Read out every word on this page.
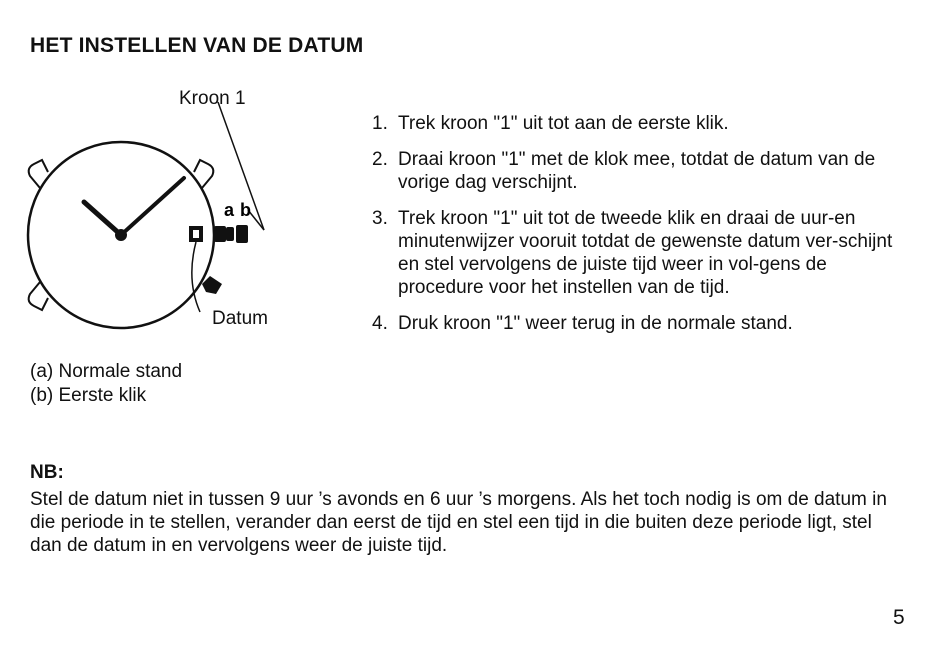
HET INSTELLEN VAN DE DATUM
a b
Kroon 1
Datum
(a) Normale stand
(b) Eerste klik
1. Trek kroon "1" uit tot aan de eerste klik.
2. Draai kroon "1" met de klok mee, totdat de datum van de vorige dag verschijnt.
3. Trek kroon "1" uit tot de tweede klik en draai de uur-en minutenwijzer vooruit totdat de gewenste datum ver-schijnt en stel vervolgens de juiste tijd weer in vol-gens de procedure voor het instellen van de tijd.
4. Druk kroon "1" weer terug in de normale stand.
NB:
Stel de datum niet in tussen 9 uur ’s avonds en 6 uur ’s morgens. Als het toch nodig is om de datum in die periode in te stellen, verander dan eerst de tijd en stel een tijd in die buiten deze periode ligt, stel dan de datum in en vervolgens weer de juiste tijd.
5
